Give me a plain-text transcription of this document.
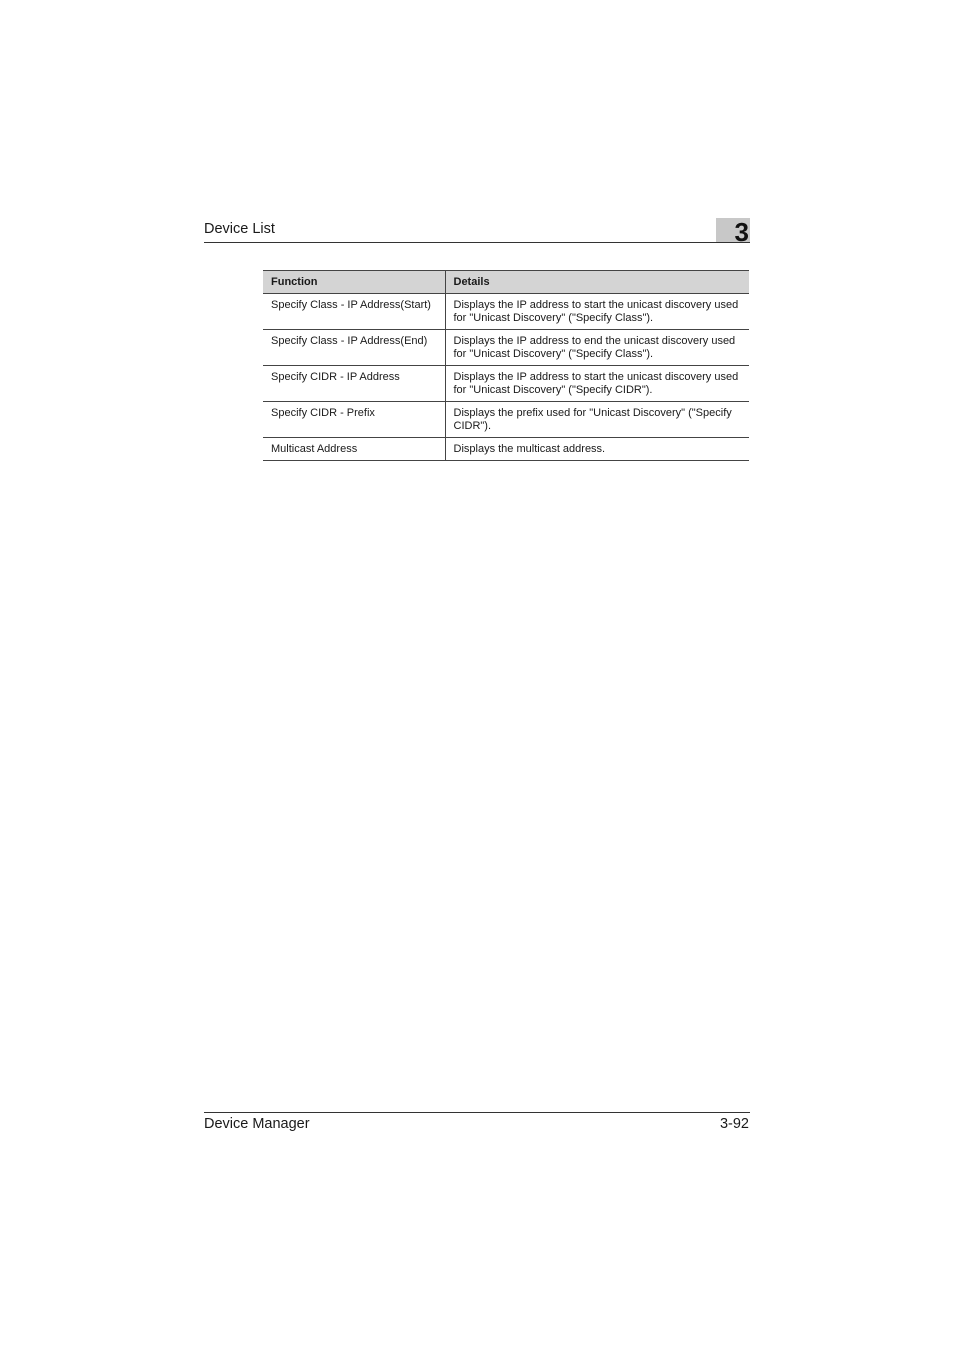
Device List	3
Function	Details
Specify Class - IP Address(Start)	Displays the IP address to start the unicast discovery used for "Unicast Discovery" ("Specify Class").
Specify Class - IP Address(End)	Displays the IP address to end the unicast discovery used for "Unicast Discovery" ("Specify Class").
Specify CIDR - IP Address	Displays the IP address to start the unicast discovery used for "Unicast Discovery" ("Specify CIDR").
Specify CIDR - Prefix	Displays the prefix used for "Unicast Discovery" ("Specify CIDR").
Multicast Address	Displays the multicast address.
Device Manager	3-92
